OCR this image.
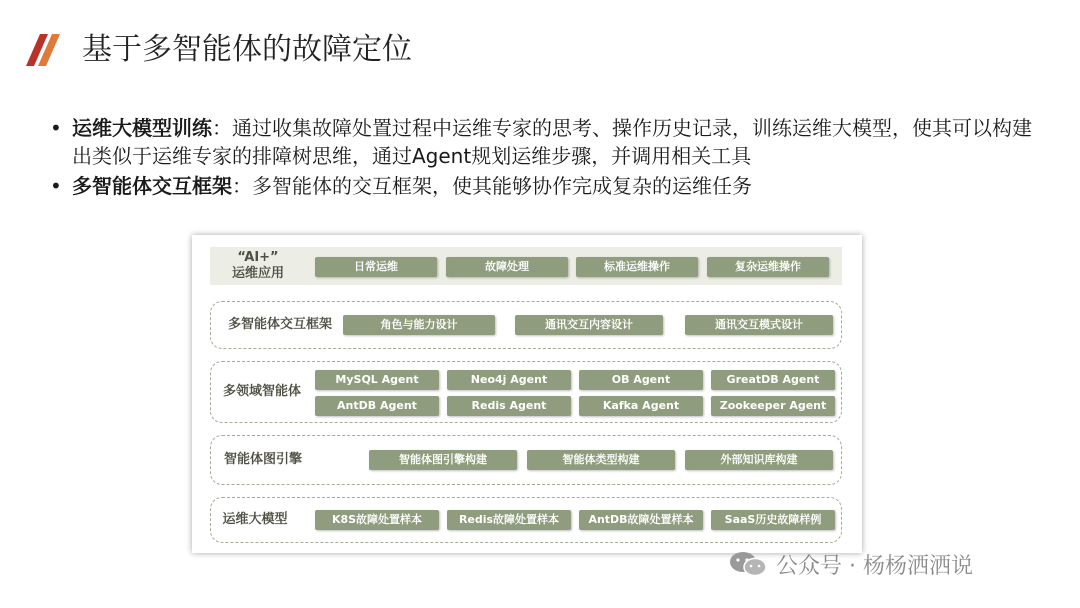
基于多智能体的故障定位
• 运维大模型训练：通过收集故障处置过程中运维专家的思考、操作历史记录，训练运维大模型，使其可以构建出类似于运维专家的排障树思维，通过Agent规划运维步骤，并调用相关工具
• 多智能体交互框架：多智能体的交互框架，使其能够协作完成复杂的运维任务
“AI+”
运维应用	日常运维	故障处理	标准运维操作	复杂运维操作
多智能体交互框架	角色与能力设计	通讯交互内容设计	通讯交互模式设计
多领域智能体
MySQL Agent	Neo4j Agent	OB Agent	GreatDB Agent
AntDB Agent	Redis Agent	Kafka Agent	Zookeeper Agent
智能体图引擎	智能体图引擎构建	智能体类型构建	外部知识库构建
运维大模型	K8S故障处置样本	Redis故障处置样本	AntDB故障处置样本	SaaS历史故障样例
公众号 · 杨杨洒洒说
